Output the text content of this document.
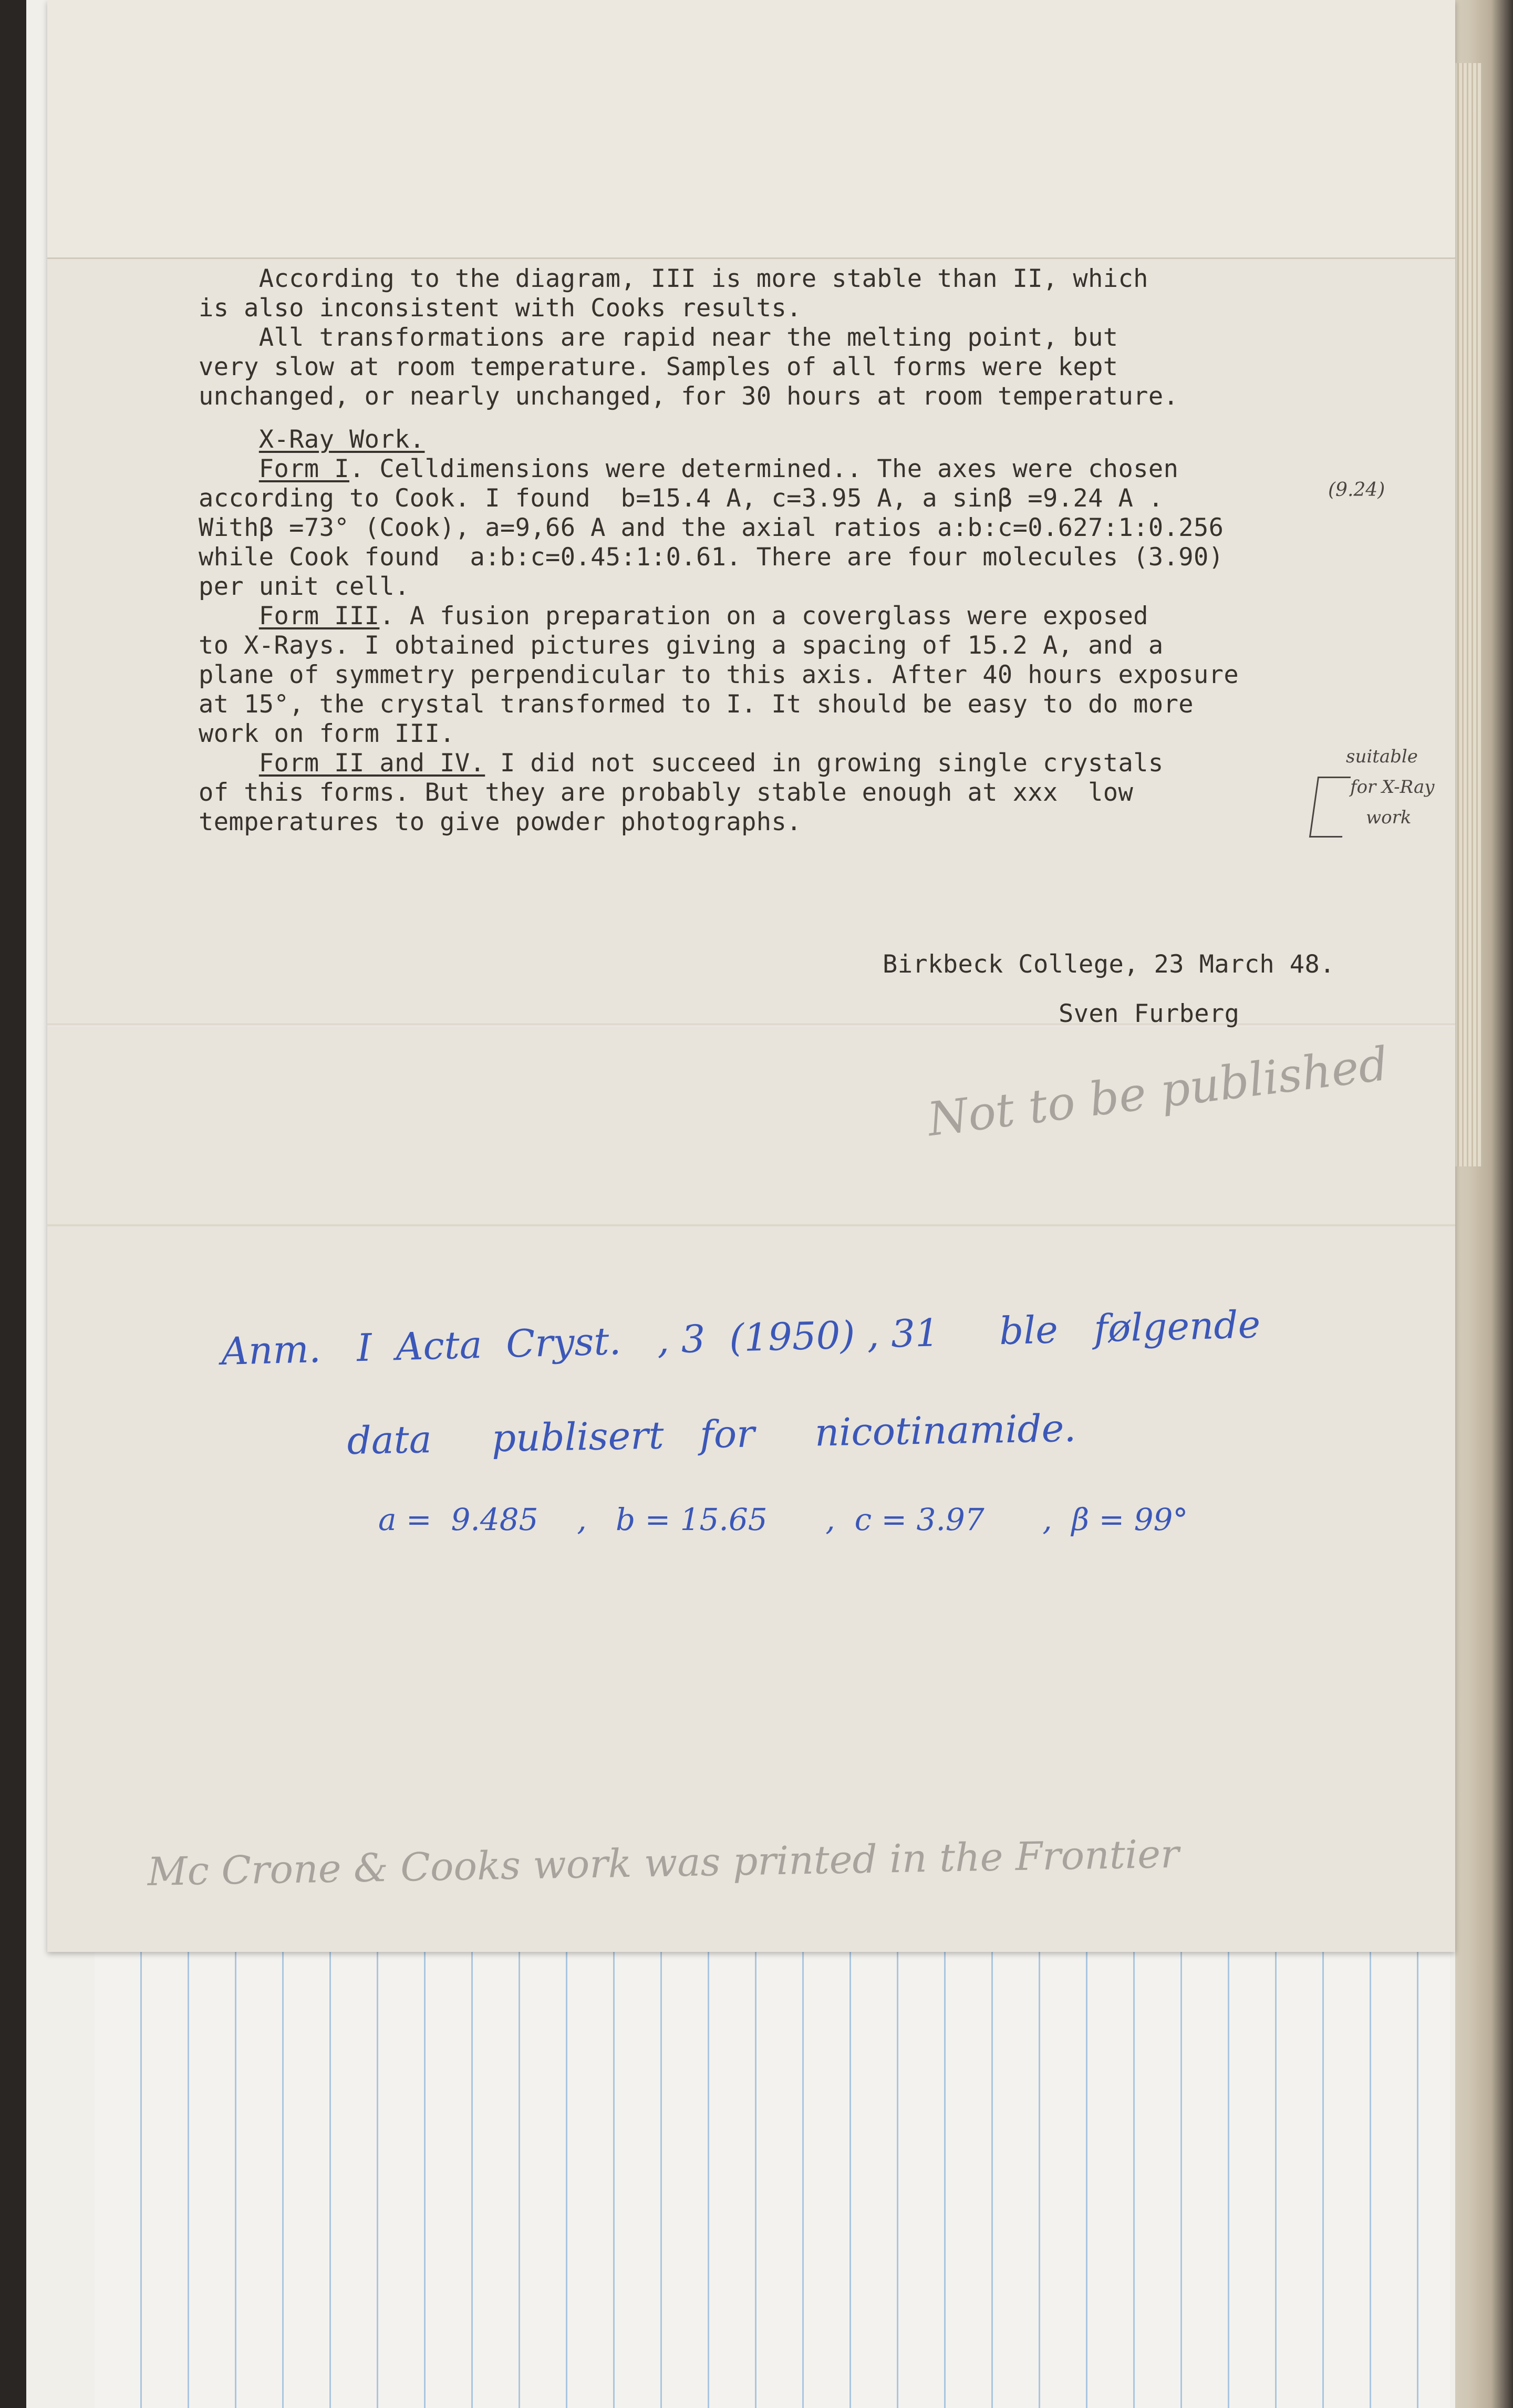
According to the diagram, III is more stable than II, which
is also inconsistent with Cooks results.
All transformations are rapid near the melting point, but
very slow at room temperature. Samples of all forms were kept
unchanged, or nearly unchanged, for 30 hours at room temperature.
X-Ray Work.
Form I. Celldimensions were determined.. The axes were chosen
according to Cook. I found  b=15.4 A, c=3.95 A, a sinβ =9.24 A .
Withβ =73° (Cook), a=9,66 A and the axial ratios a:b:c=0.627:1:0.256
while Cook found  a:b:c=0.45:1:0.61. There are four molecules (3.90)
per unit cell.
Form III. A fusion preparation on a coverglass were exposed
to X-Rays. I obtained pictures giving a spacing of 15.2 A, and a
plane of symmetry perpendicular to this axis. After 40 hours exposure
at 15°, the crystal transformed to I. It should be easy to do more
work on form III.
Form II and IV. I did not succeed in growing single crystals
of this forms. But they are probably stable enough at xxx  low
temperatures to give powder photographs.
Birkbeck College, 23 March 48.
Sven Furberg
(9.24)
suitable
for X-Ray
work
Not to be published
Anm.   I  Acta  Cryst.   , 3  (1950) , 31     ble   følgende
data     publisert   for     nicotinamide.
a =  9.485    ,   b = 15.65      ,  c = 3.97      ,  β = 99°
Mc Crone & Cooks work was printed in the Frontier
